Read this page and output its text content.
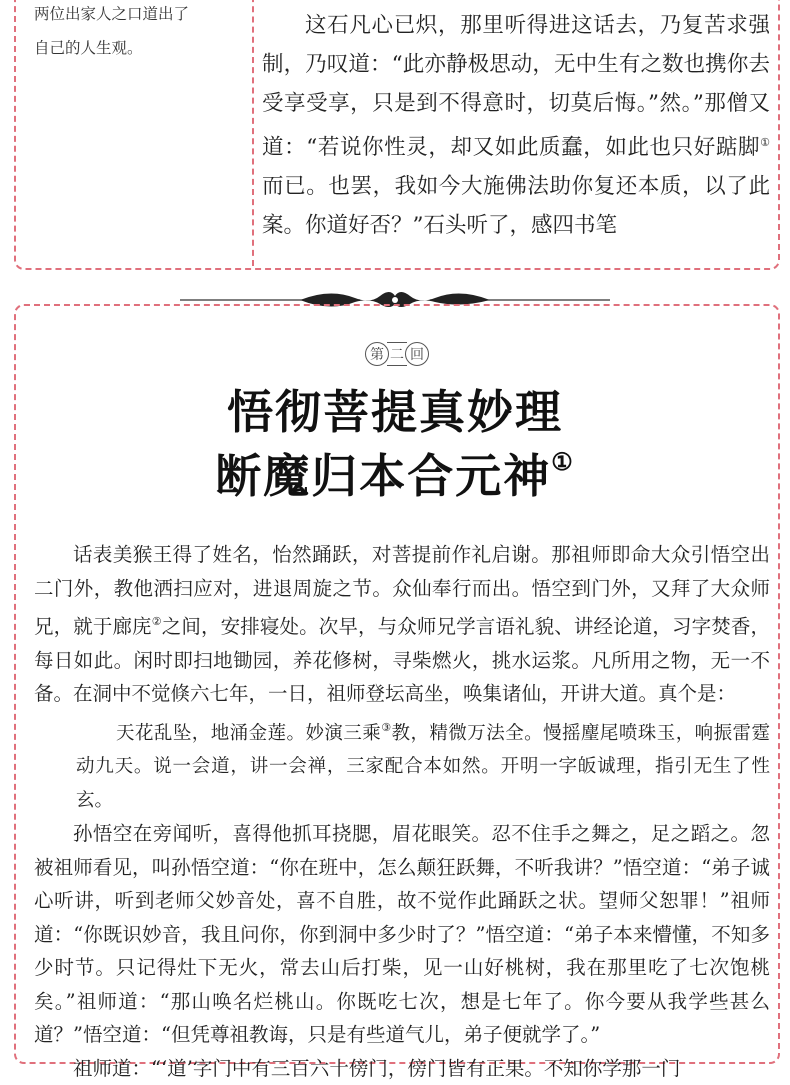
两位出家人之口道出了
自己的人生观。

这石凡心已炽，那里听得进这话去，乃复苦求强制，乃叹道：“此亦静极思动，无中生有之数也携你去受享受享，只是到不得意时，切莫后悔。”然。”那僧又道：“若说你性灵，却又如此质蠢，如此也只好踮脚①而已。也罢，我如今大施佛法助你复还本质，以了此案。你道好否？”石头听了，感四书笔

第 二 回
悟彻菩提真妙理
断魔归本合元神①

话表美猴王得了姓名，怡然踊跃，对菩提前作礼启谢。那祖师即命大众引悟空出二门外，教他洒扫应对，进退周旋之节。众仙奉行而出。悟空到门外，又拜了大众师兄，就于廊庑②之间，安排寝处。次早，与众师兄学言语礼貌、讲经论道，习字焚香，每日如此。闲时即扫地锄园，养花修树，寻柴燃火，挑水运浆。凡所用之物，无一不备。在洞中不觉倏六七年，一日，祖师登坛高坐，唤集诸仙，开讲大道。真个是：

天花乱坠，地涌金莲。妙演三乘③教，精微万法全。慢摇麈尾喷珠玉，响振雷霆动九天。说一会道，讲一会禅，三家配合本如然。开明一字皈诚理，指引无生了性玄。

孙悟空在旁闻听，喜得他抓耳挠腮，眉花眼笑。忍不住手之舞之，足之蹈之。忽被祖师看见，叫孙悟空道：“你在班中，怎么颠狂跃舞，不听我讲？”悟空道：“弟子诚心听讲，听到老师父妙音处，喜不自胜，故不觉作此踊跃之状。望师父恕罪！”祖师道：“你既识妙音，我且问你，你到洞中多少时了？”悟空道：“弟子本来懵懂，不知多少时节。只记得灶下无火，常去山后打柴，见一山好桃树，我在那里吃了七次饱桃矣。”祖师道：“那山唤名烂桃山。你既吃七次，想是七年了。你今要从我学些甚么道？”悟空道：“但凭尊祖教诲，只是有些道气儿，弟子便就学了。”

祖师道：“‘道’字门中有三百六十傍门，傍门皆有正果。不知你学那一门
